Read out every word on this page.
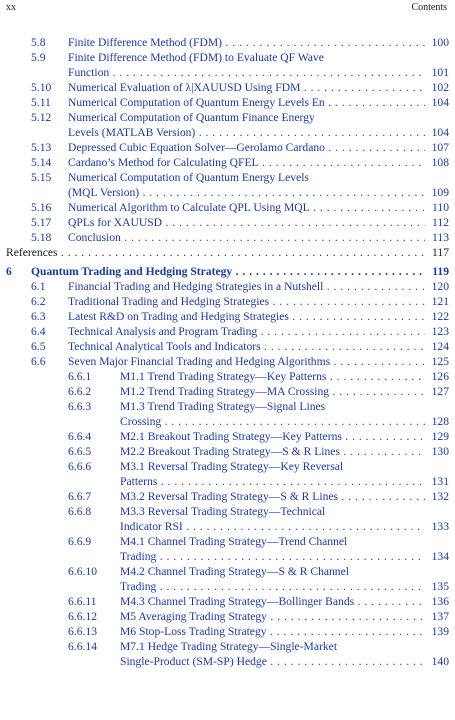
xx	Contents
5.8 Finite Difference Method (FDM) . . .	100
5.9 Finite Difference Method (FDM) to Evaluate QF Wave
Function . . .	101
5.10 Numerical Evaluation of λ|XAUUSD Using FDM . . .	102
5.11 Numerical Computation of Quantum Energy Levels En . . .	104
5.12 Numerical Computation of Quantum Finance Energy
Levels (MATLAB Version) . . .	104
5.13 Depressed Cubic Equation Solver—Gerolamo Cardano . . .	107
5.14 Cardano’s Method for Calculating QFEL . . .	108
5.15 Numerical Computation of Quantum Energy Levels
(MQL Version) . . .	109
5.16 Numerical Algorithm to Calculate QPL Using MQL . . .	110
5.17 QPLs for XAUUSD . . .	112
5.18 Conclusion . . .	113
References . . .	117
6 Quantum Trading and Hedging Strategy . . .	119
6.1 Financial Trading and Hedging Strategies in a Nutshell . . .	120
6.2 Traditional Trading and Hedging Strategies . . .	121
6.3 Latest R&D on Trading and Hedging Strategies . . .	122
6.4 Technical Analysis and Program Trading . . .	123
6.5 Technical Analytical Tools and Indicators . . .	124
6.6 Seven Major Financial Trading and Hedging Algorithms . . .	125
6.6.1 M1.1 Trend Trading Strategy—Key Patterns . . .	126
6.6.2 M1.2 Trend Trading Strategy—MA Crossing . . .	127
6.6.3 M1.3 Trend Trading Strategy—Signal Lines
Crossing . . .	128
6.6.4 M2.1 Breakout Trading Strategy—Key Patterns . . .	129
6.6.5 M2.2 Breakout Trading Strategy—S & R Lines . . .	130
6.6.6 M3.1 Reversal Trading Strategy—Key Reversal
Patterns . . .	131
6.6.7 M3.2 Reversal Trading Strategy—S & R Lines . . .	132
6.6.8 M3.3 Reversal Trading Strategy—Technical
Indicator RSI . . .	133
6.6.9 M4.1 Channel Trading Strategy—Trend Channel
Trading . . .	134
6.6.10 M4.2 Channel Trading Strategy—S & R Channel
Trading . . .	135
6.6.11 M4.3 Channel Trading Strategy—Bollinger Bands . . .	136
6.6.12 M5 Averaging Trading Strategy . . .	137
6.6.13 M6 Stop-Loss Trading Strategy . . .	139
6.6.14 M7.1 Hedge Trading Strategy—Single-Market
Single-Product (SM-SP) Hedge . . .	140
